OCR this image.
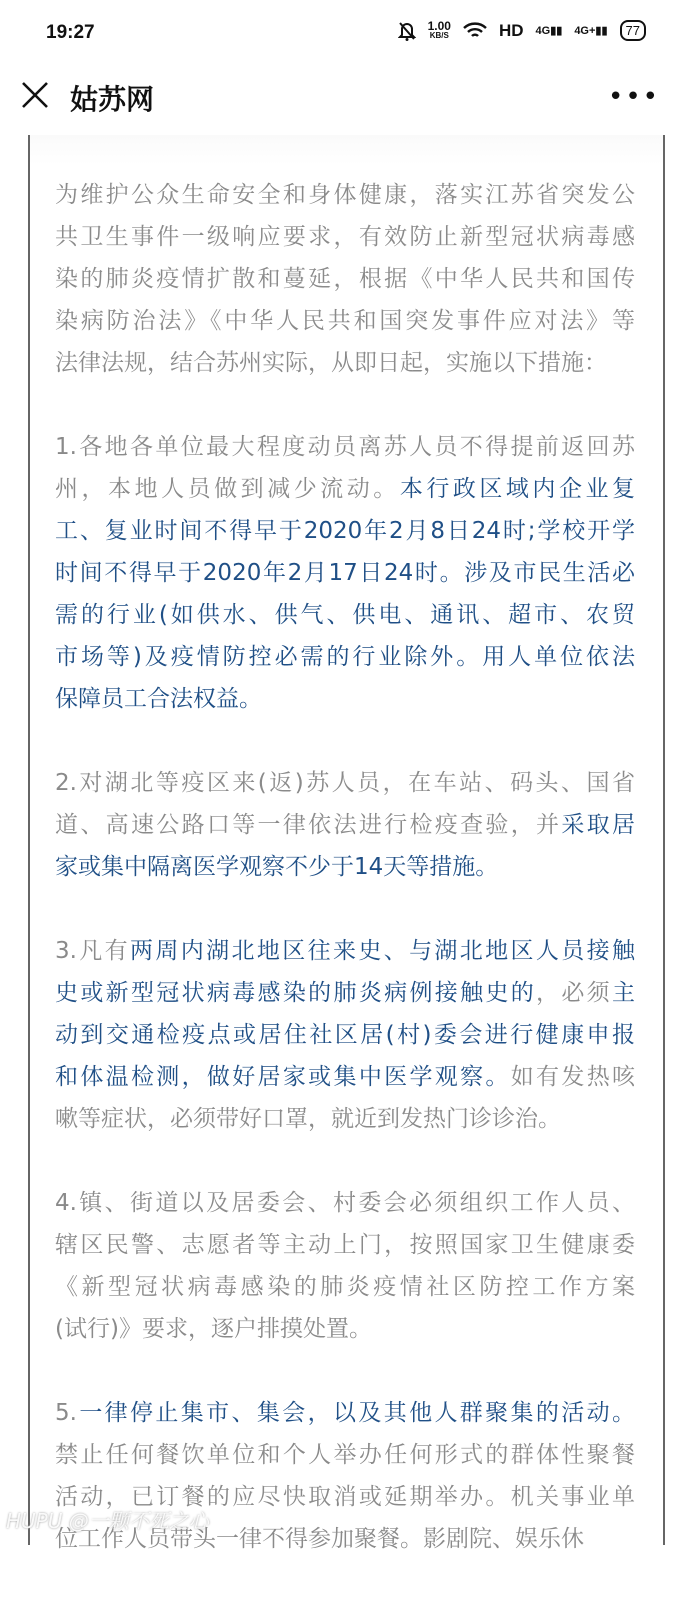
19:27	1.00
KB/S	HD 4G▮▮ 4G+▮▮	77
姑苏网	•••
为维护公众生命安全和身体健康，落实江苏省突发公
共卫生事件一级响应要求，有效防止新型冠状病毒感
染的肺炎疫情扩散和蔓延，根据《中华人民共和国传
染病防治法》《中华人民共和国突发事件应对法》等
法律法规，结合苏州实际，从即日起，实施以下措施：
1.各地各单位最大程度动员离苏人员不得提前返回苏
州，本地人员做到减少流动。本行政区域内企业复
工、复业时间不得早于2020年2月8日24时;学校开学
时间不得早于2020年2月17日24时。涉及市民生活必
需的行业(如供水、供气、供电、通讯、超市、农贸
市场等)及疫情防控必需的行业除外。用人单位依法
保障员工合法权益。
2.对湖北等疫区来(返)苏人员，在车站、码头、国省
道、高速公路口等一律依法进行检疫查验，并采取居
家或集中隔离医学观察不少于14天等措施。
3.凡有两周内湖北地区往来史、与湖北地区人员接触
史或新型冠状病毒感染的肺炎病例接触史的，必须主
动到交通检疫点或居住社区居(村)委会进行健康申报
和体温检测，做好居家或集中医学观察。如有发热咳
嗽等症状，必须带好口罩，就近到发热门诊诊治。
4.镇、街道以及居委会、村委会必须组织工作人员、
辖区民警、志愿者等主动上门，按照国家卫生健康委
《新型冠状病毒感染的肺炎疫情社区防控工作方案
(试行)》要求，逐户排摸处置。
5.一律停止集市、集会，以及其他人群聚集的活动。
禁止任何餐饮单位和个人举办任何形式的群体性聚餐
活动，已订餐的应尽快取消或延期举办。机关事业单
位工作人员带头一律不得参加聚餐。影剧院、娱乐休
HUPU @一颗不死之心
